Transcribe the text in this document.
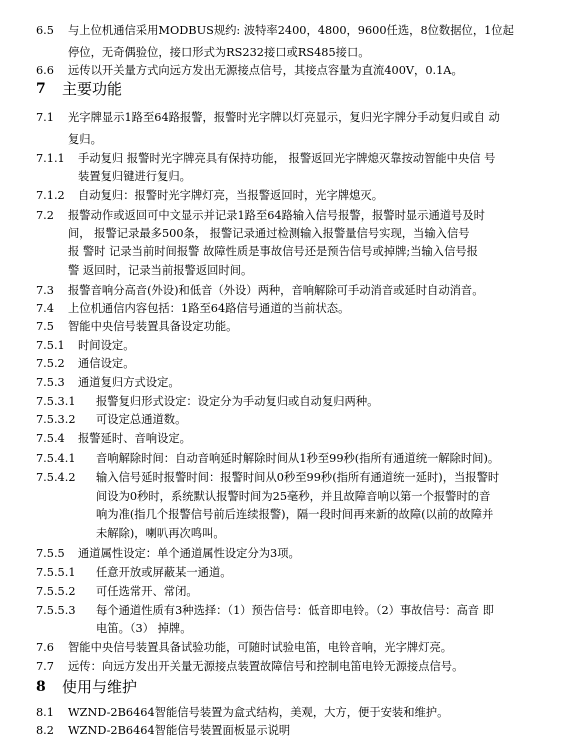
6.5 与上位机通信采用MODBUS规约: 波特率2400，4800，9600任选，8位数据位，1位起
停位，无奇偶验位，接口形式为RS232接口或RS485接口。
6.6 远传以开关量方式向远方发出无源接点信号，其接点容量为直流400V，0.1A。
7 主要功能
7.1 光字牌显示1路至64路报警，报警时光字牌以灯亮显示，复归光字牌分手动复归或自 动
复归。
7.1.1 手动复归 报警时光字牌亮具有保持功能， 报警返回光字牌熄灭靠按动智能中央信 号
装置复归键进行复归。
7.1.2 自动复归：报警时光字牌灯亮，当报警返回时，光字牌熄灭。
7.2 报警动作或返回可中文显示并记录1路至64路输入信号报警，报警时显示通道号及时
间， 报警记录最多500条， 报警记录通过检测输入报警量信号实现，当输入信号
报 警时 记录当前时间报警 故障性质是事故信号还是预告信号或掉牌;当输入信号报
警 返回时，记录当前报警返回时间。
7.3 报警音响分高音(外设)和低音（外设）两种，音响解除可手动消音或延时自动消音。
7.4 上位机通信内容包括：1路至64路信号通道的当前状态。
7.5 智能中央信号装置具备设定功能。
7.5.1 时间设定。
7.5.2 通信设定。
7.5.3 通道复归方式设定。
7.5.3.1 报警复归形式设定：设定分为手动复归或自动复归两种。
7.5.3.2 可设定总通道数。
7.5.4 报警延时、音响设定。
7.5.4.1 音响解除时间：自动音响延时解除时间从1秒至99秒(指所有通道统一解除时间)。
7.5.4.2 输入信号延时报警时间：报警时间从0秒至99秒(指所有通道统一延时)，当报警时
间设为0秒时，系统默认报警时间为25毫秒，并且故障音响以第一个报警时的音
响为准(指几个报警信号前后连续报警)，隔一段时间再来新的故障(以前的故障并
未解除)，喇叭再次鸣叫。
7.5.5 通道属性设定：单个通道属性设定分为3项。
7.5.5.1 任意开放或屏蔽某一通道。
7.5.5.2 可任选常开、常闭。
7.5.5.3 每个通道性质有3种选择：（1）预告信号：低音即电铃。（2）事故信号：高音 即
电笛。（3） 掉牌。
7.6 智能中央信号装置具备试验功能，可随时试验电笛，电铃音响，光字牌灯亮。
7.7 远传：向远方发出开关量无源接点装置故障信号和控制电笛电铃无源接点信号。
8 使用与维护
8.1 WZND-2B6464智能信号装置为盒式结构，美观，大方，便于安装和维护。
8.2 WZND-2B6464智能信号装置面板显示说明
